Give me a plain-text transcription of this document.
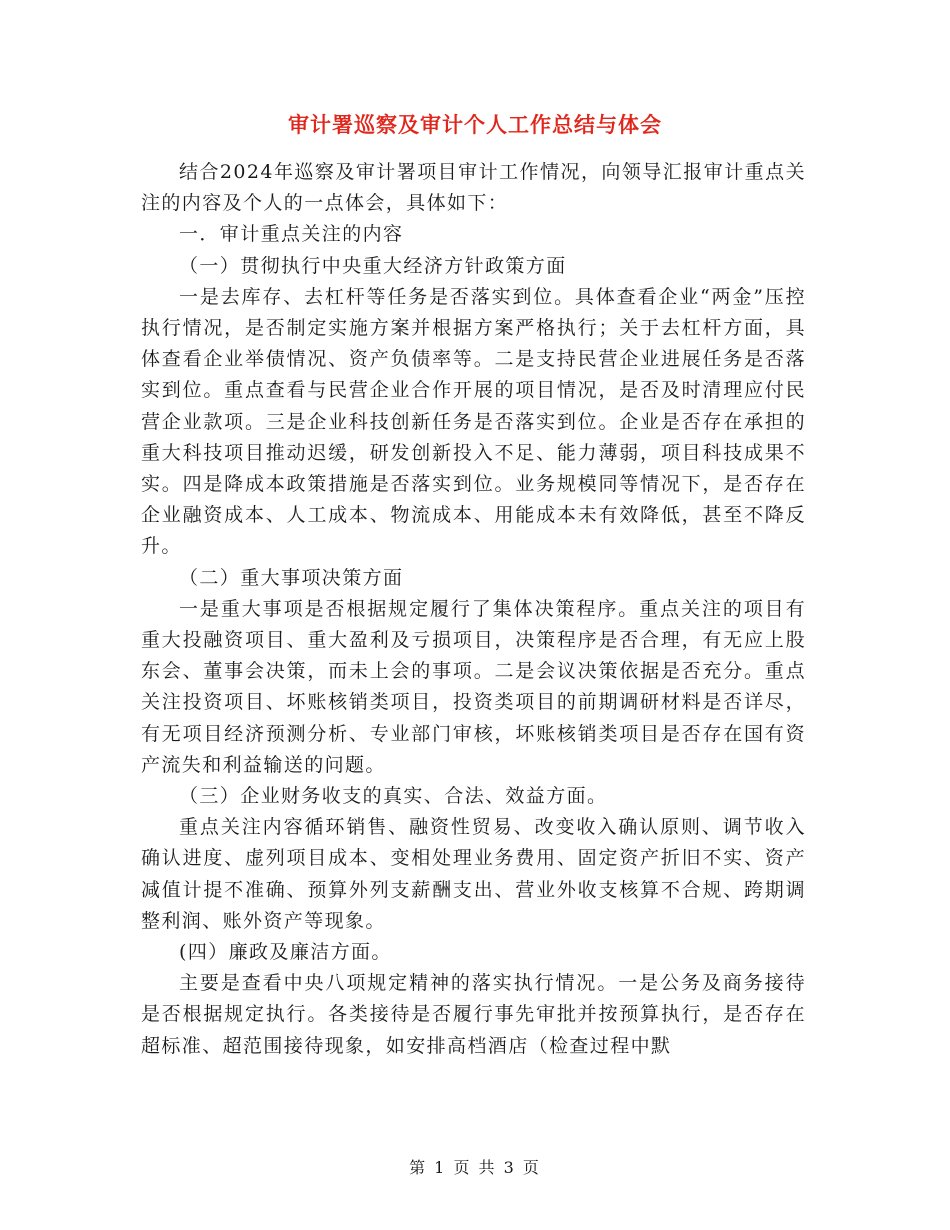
审计署巡察及审计个人工作总结与体会

结合2024年巡察及审计署项目审计工作情况，向领导汇报审计重点关注的内容及个人的一点体会，具体如下：

一．审计重点关注的内容

（一）贯彻执行中央重大经济方针政策方面

一是去库存、去杠杆等任务是否落实到位。具体查看企业“两金”压控执行情况，是否制定实施方案并根据方案严格执行；关于去杠杆方面，具体查看企业举债情况、资产负债率等。二是支持民营企业进展任务是否落实到位。重点查看与民营企业合作开展的项目情况，是否及时清理应付民营企业款项。三是企业科技创新任务是否落实到位。企业是否存在承担的重大科技项目推动迟缓，研发创新投入不足、能力薄弱，项目科技成果不实。四是降成本政策措施是否落实到位。业务规模同等情况下，是否存在企业融资成本、人工成本、物流成本、用能成本未有效降低，甚至不降反升。

（二）重大事项决策方面

一是重大事项是否根据规定履行了集体决策程序。重点关注的项目有重大投融资项目、重大盈利及亏损项目，决策程序是否合理，有无应上股东会、董事会决策，而未上会的事项。二是会议决策依据是否充分。重点关注投资项目、坏账核销类项目，投资类项目的前期调研材料是否详尽，有无项目经济预测分析、专业部门审核，坏账核销类项目是否存在国有资产流失和利益输送的问题。

（三）企业财务收支的真实、合法、效益方面。

重点关注内容循环销售、融资性贸易、改变收入确认原则、调节收入确认进度、虚列项目成本、变相处理业务费用、固定资产折旧不实、资产减值计提不准确、预算外列支薪酬支出、营业外收支核算不合规、跨期调整利润、账外资产等现象。

(四）廉政及廉洁方面。

主要是查看中央八项规定精神的落实执行情况。一是公务及商务接待是否根据规定执行。各类接待是否履行事先审批并按预算执行，是否存在超标准、超范围接待现象，如安排高档酒店（检查过程中默

第 1 页 共 3 页
